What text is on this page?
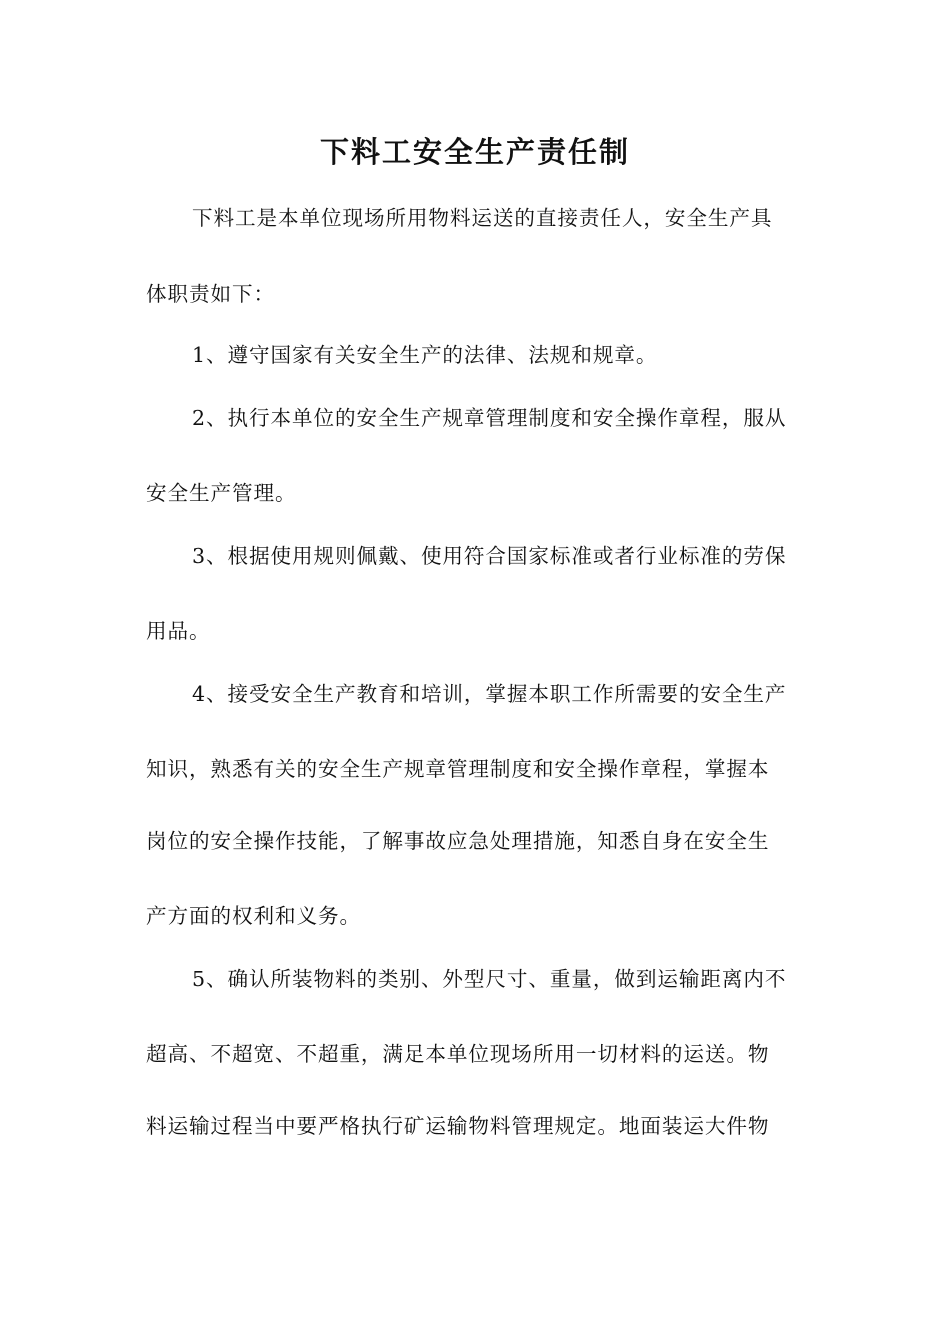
下料工安全生产责任制
下料工是本单位现场所用物料运送的直接责任人，安全生产具
体职责如下：
1、遵守国家有关安全生产的法律、法规和规章。
2、执行本单位的安全生产规章管理制度和安全操作章程，服从
安全生产管理。
3、根据使用规则佩戴、使用符合国家标准或者行业标准的劳保
用品。
4、接受安全生产教育和培训，掌握本职工作所需要的安全生产
知识，熟悉有关的安全生产规章管理制度和安全操作章程，掌握本
岗位的安全操作技能，了解事故应急处理措施，知悉自身在安全生
产方面的权利和义务。
5、确认所装物料的类别、外型尺寸、重量，做到运输距离内不
超高、不超宽、不超重，满足本单位现场所用一切材料的运送。物
料运输过程当中要严格执行矿运输物料管理规定。地面装运大件物
